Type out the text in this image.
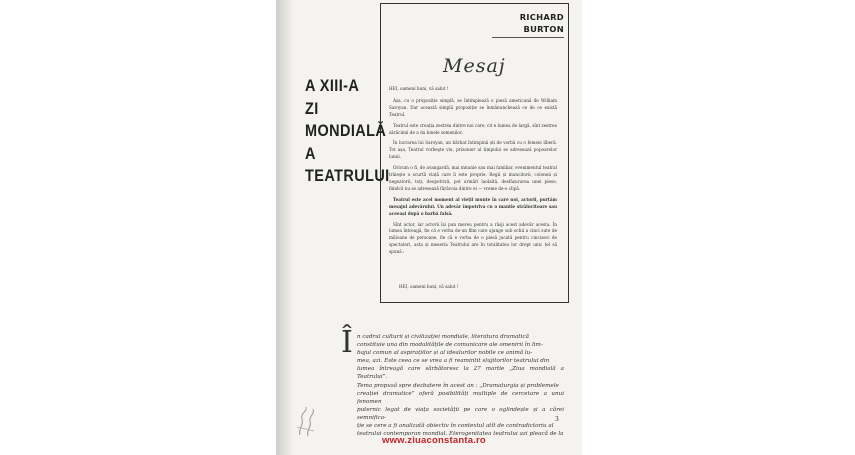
RICHARD
BURTON
Mesaj
A XIII-A
ZI
MONDIALĂ
A
TEATRULUI

HEI, oameni buni, vă salut !

Așa, cu o propoziție simplă, se întimplează o piesă americană de William Saroyan. Dar această simplă propoziție se înmănunchează ce de ce există Teatrul.

Teatrul este creația zestrea dintre noi care, cit e lumea de largă, sînt zestrea sărăcimii de a da binele semenilor.

În lucrarea lui Saroyan, un bărbat întimpină ști de vorbă cu o femeie liberă. Tot așa, Teatrul vorbeşte viu, prizonier al timpului se adresează popoarelor lumii.

Oricum o fi, de avangardă, mai mnunie sau mai familiar, evenimentul teatral trăieşte o scurtă viață care îi este proprie. Regii și muncitorii, coloneii și negustorii, toți, deopotrivă, pot urmări laolaltă, desfășurarea unei piese, fiindcă nu se adresează fărăvoia dintre ei — vreme de-o clipă.

Teatrul este acel moment al vieții munte în care noi, actorii, purtăm mesajul adevărului. Un adevăr împotriva cu o mantie strălucitoare sau aceeași după o barbă falsă.

Sînt actor, iar actorii își pun mereu pentru a răsji acest adevăr acesta. În lumea întreagă, fie că e vorba de-un film care ajunge sub ochii a cinci sute de milioane de persoane, fie că e vorba de o piesă jucată pentru cincizeci de spectatori, asta și meseria Teatrului are în totalitatea lor drept unic țel să spună :

HEI, oameni buni, vă salut !
Î n cadrul culturii și civilizației mondiale, literatura dramatică

constituie una din modalitățile de comunicare ale omenirii în lim-

bajul comun al aspirațiilor și al idealurilor nobile ce animă lu-

mea, azi. Este ceea ce se vrea a fi reamintit slujitorilor teatrului din

lumea întreagă care sărbătoresc la 27 martie „Ziua mondială a Teatrului”.

Tema propusă spre dezbatere în acest an : „Dramaturgia și problemele

creației dramatice” oferă posibilități multiple de cercetare a unui fenomen

puternic legat de viața societății pe care o oglindește și a cărei semnifica-

ție se cere a fi analizată obiectiv în contextul atît de contradictoriu al

teatrului contemporan mondial. Eterogenitatea teatrului azi pleacă de la

3
www.ziuaconstanta.ro
